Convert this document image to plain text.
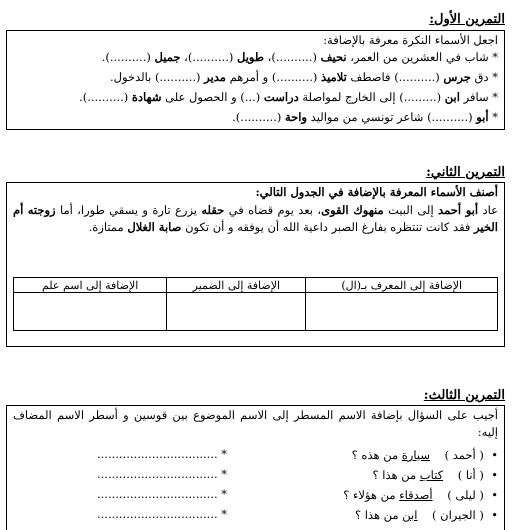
التمرين الأول:
اجعل الأسماء النكرة معرفة بالإضافة:
* شاب في العشرين من العمر، نحيف (..........)، طويل (..........)، جميل (..........).
* دق جرس (..........) فاصطف تلاميذ (..........) و أمرهم مدير (..........) بالدخول.
* سافر ابن (.........) إلى الخارج لمواصلة دراست (...) و الحصول على شهادة (..........).
* أبو (..........) شاعر تونسي من مواليد واحة (..........).
التمرين الثاني:
أصنف الأسماء المعرفة بالإضافة في الجدول التالي:
عاد أبو أحمد إلى البيت منهوك القوى، بعد يوم قضاه في حقله يزرع تارة و يسقي طورا، أما زوجته أم الخير فقد كانت تنتظره بفارغ الصبر داعية الله أن يوفقه و أن تكون صابة الغلال ممتازة.
الإضافة إلى المعرف بـ(ال)	الإضافة إلى الضمير	الإضافة إلى اسم علم

التمرين الثالث:
أجيب على السؤال بإضافة الاسم المسطر إلى الاسم الموضوع بين قوسين و أسطر الاسم المضاف إليه:
•  ( أحمد )    سيارة من هذه ؟
* .................................
•  ( أنا )    كتاب من هذا ؟
* .................................
•  ( ليلى )    أصدقاء من هؤلاء ؟
* .................................
•  ( الجيران )    ابن من هذا ؟
* .................................
